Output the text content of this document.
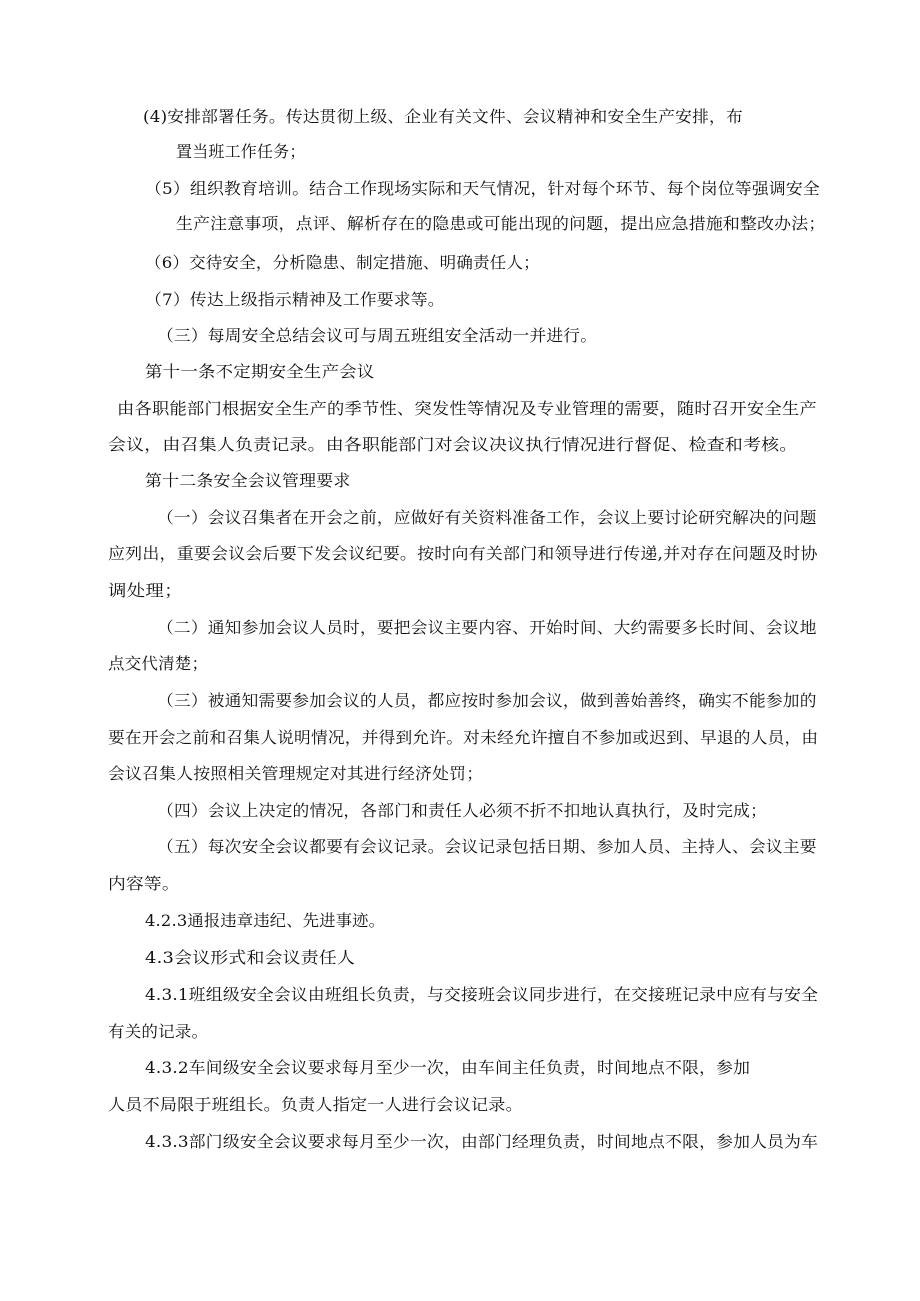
(4)安排部署任务。传达贯彻上级、企业有关文件、会议精神和安全生产安排，布
置当班工作任务；
（5）组织教育培训。结合工作现场实际和天气情况，针对每个环节、每个岗位等强调安全
生产注意事项，点评、解析存在的隐患或可能出现的问题，提出应急措施和整改办法；
（6）交待安全，分析隐患、制定措施、明确责任人；
（7）传达上级指示精神及工作要求等。
（三）每周安全总结会议可与周五班组安全活动一并进行。
第十一条不定期安全生产会议
由各职能部门根据安全生产的季节性、突发性等情况及专业管理的需要，随时召开安全生产
会议，由召集人负责记录。由各职能部门对会议决议执行情况进行督促、检查和考核。
第十二条安全会议管理要求
（一）会议召集者在开会之前，应做好有关资料准备工作，会议上要讨论研究解决的问题
应列出，重要会议会后要下发会议纪要。按时向有关部门和领导进行传递,并对存在问题及时协
调处理；
（二）通知参加会议人员时，要把会议主要内容、开始时间、大约需要多长时间、会议地
点交代清楚；
（三）被通知需要参加会议的人员，都应按时参加会议，做到善始善终，确实不能参加的
要在开会之前和召集人说明情况，并得到允许。对未经允许擅自不参加或迟到、早退的人员，由
会议召集人按照相关管理规定对其进行经济处罚；
（四）会议上决定的情况，各部门和责任人必须不折不扣地认真执行，及时完成；
（五）每次安全会议都要有会议记录。会议记录包括日期、参加人员、主持人、会议主要
内容等。
4.2.3通报违章违纪、先进事迹。
4.3会议形式和会议责任人
4.3.1班组级安全会议由班组长负责，与交接班会议同步进行，在交接班记录中应有与安全
有关的记录。
4.3.2车间级安全会议要求每月至少一次，由车间主任负责，时间地点不限，参加
人员不局限于班组长。负责人指定一人进行会议记录。
4.3.3部门级安全会议要求每月至少一次，由部门经理负责，时间地点不限，参加人员为车
